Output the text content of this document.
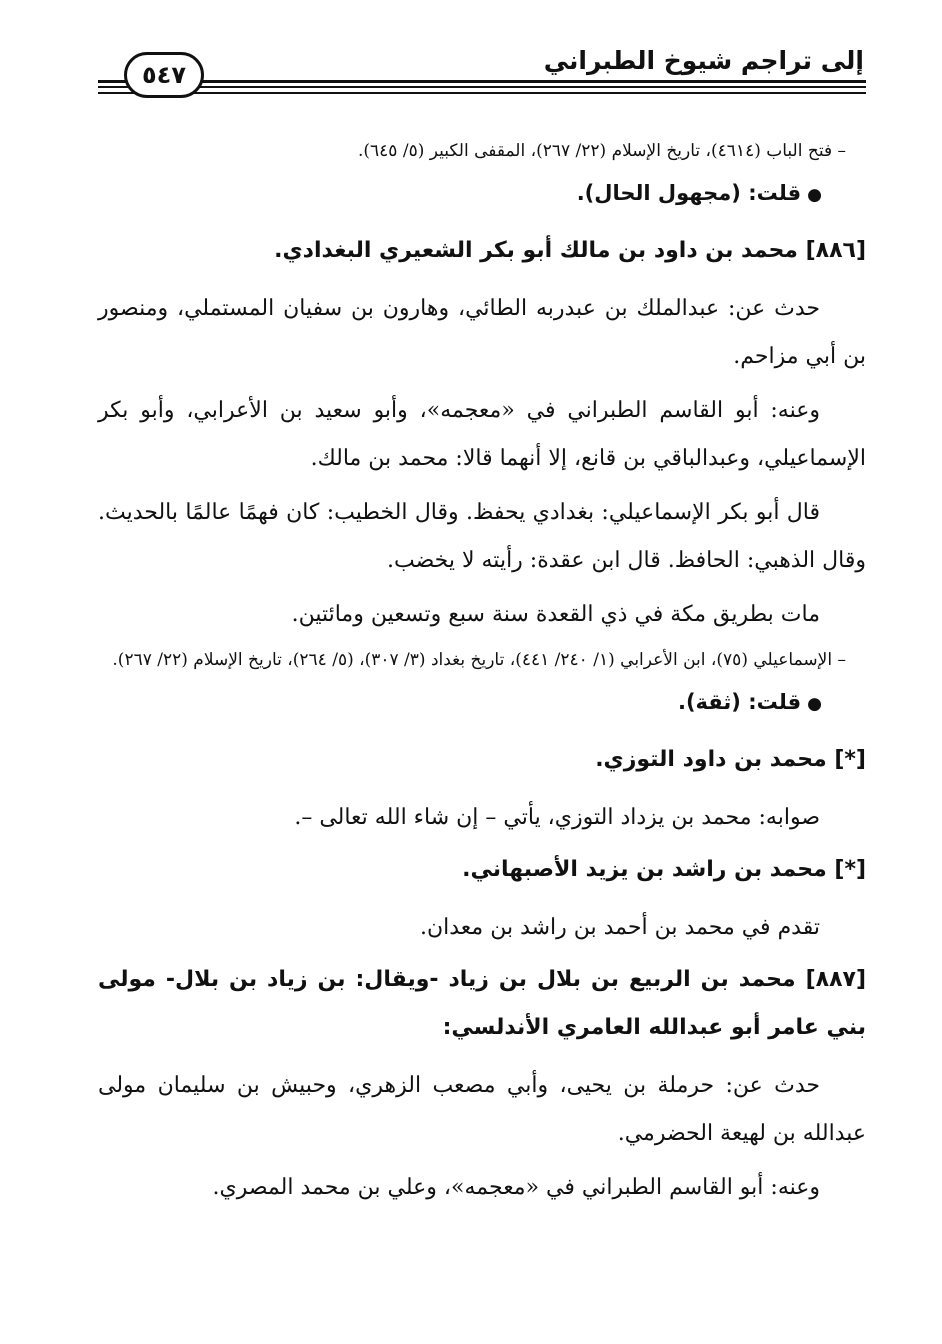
إلى تراجم شيوخ الطبراني
٥٤٧

– فتح الباب (٤٦١٤)، تاريخ الإسلام (٢٢/ ٢٦٧)، المقفى الكبير (٥/ ٦٤٥).

●قلت: (مجهول الحال).

[٨٨٦] محمد بن داود بن مالك أبو بكر الشعيري البغدادي.

حدث عن: عبدالملك بن عبدربه الطائي، وهارون بن سفيان المستملي، ومنصور بن أبي مزاحم.

وعنه: أبو القاسم الطبراني في «معجمه»، وأبو سعيد بن الأعرابي، وأبو بكر الإسماعيلي، وعبدالباقي بن قانع، إلا أنهما قالا: محمد بن مالك.

قال أبو بكر الإسماعيلي: بغدادي يحفظ. وقال الخطيب: كان فهمًا عالمًا بالحديث. وقال الذهبي: الحافظ. قال ابن عقدة: رأيته لا يخضب.

مات بطريق مكة في ذي القعدة سنة سبع وتسعين ومائتين.

– الإسماعيلي (٧٥)، ابن الأعرابي (١/ ٢٤٠/ ٤٤١)، تاريخ بغداد (٣/ ٣٠٧)، (٥/ ٢٦٤)، تاريخ الإسلام (٢٢/ ٢٦٧).

●قلت: (ثقة).

[*] محمد بن داود التوزي.

صوابه: محمد بن يزداد التوزي، يأتي – إن شاء الله تعالى –.

[*] محمد بن راشد بن يزيد الأصبهاني.

تقدم في محمد بن أحمد بن راشد بن معدان.

[٨٨٧] محمد بن الربيع بن بلال بن زياد -ويقال: بن زياد بن بلال- مولى بني عامر أبو عبدالله العامري الأندلسي:

حدث عن: حرملة بن يحيى، وأبي مصعب الزهري، وحبيش بن سليمان مولى عبدالله بن لهيعة الحضرمي.

وعنه: أبو القاسم الطبراني في «معجمه»، وعلي بن محمد المصري.
